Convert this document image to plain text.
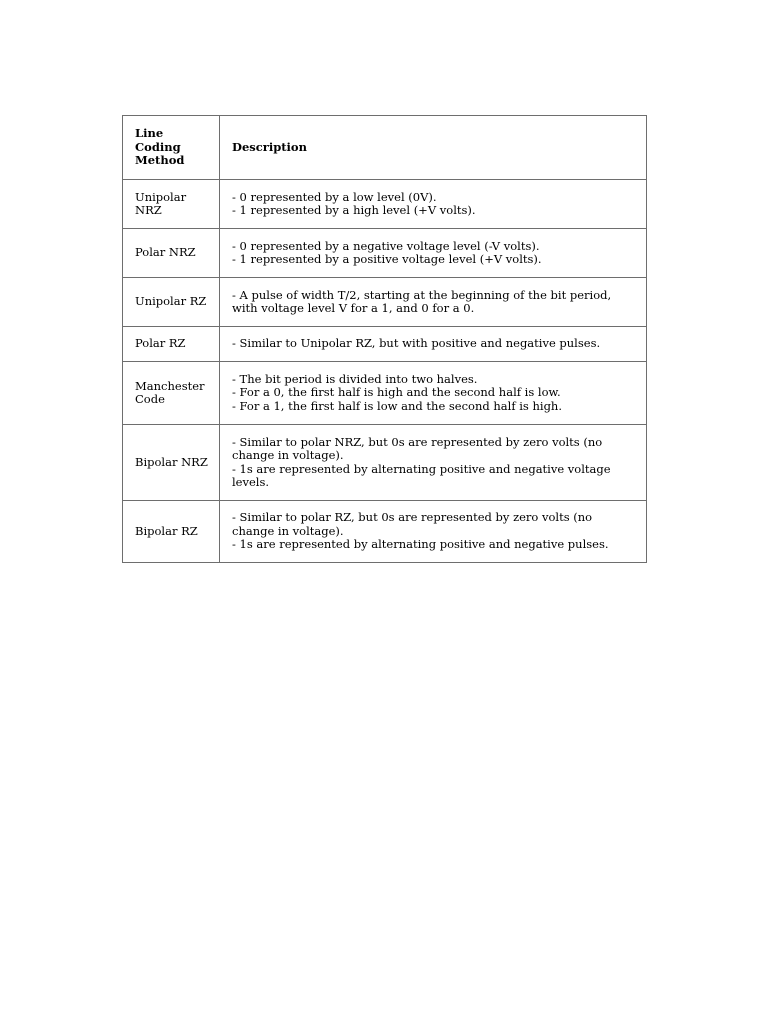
Line Coding Method	Description
Unipolar NRZ	- 0 represented by a low level (0V).
- 1 represented by a high level (+V volts).

Polar NRZ	- 0 represented by a negative voltage level (-V volts).
- 1 represented by a positive voltage level (+V volts).

Unipolar RZ	- A pulse of width T/2, starting at the beginning of the bit period, with voltage level V for a 1, and 0 for a 0.

Polar RZ	- Similar to Unipolar RZ, but with positive and negative pulses.

Manchester Code	- The bit period is divided into two halves.
- For a 0, the first half is high and the second half is low.
- For a 1, the first half is low and the second half is high.

Bipolar NRZ	- Similar to polar NRZ, but 0s are represented by zero volts (no change in voltage).
- 1s are represented by alternating positive and negative voltage levels.

Bipolar RZ	- Similar to polar RZ, but 0s are represented by zero volts (no change in voltage).
- 1s are represented by alternating positive and negative pulses.
